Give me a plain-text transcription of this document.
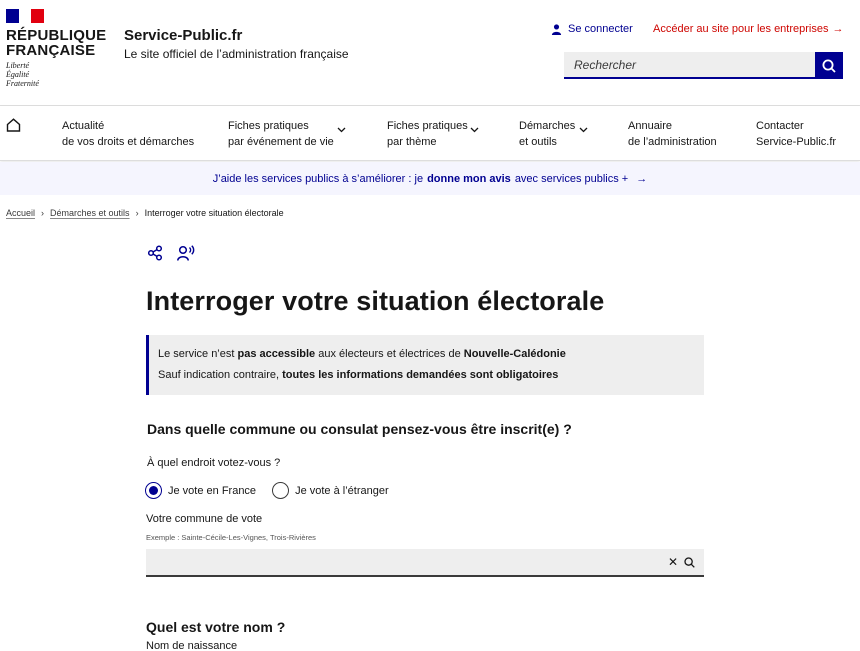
RÉPUBLIQUE
FRANÇAISE
Liberté
Égalité
Fraternité
Service-Public.fr
Le site officiel de l’administration française
Se connecter Accéder au site pour les entreprises →
Rechercher
Actualité
de vos droits et démarches
Fiches pratiques
par événement de vie
Fiches pratiques
par thème
Démarches
et outils
Annuaire
de l’administration
Contacter
Service-Public.fr
J’aide les services publics à s’améliorer : je donne mon avis avec services publics + →
Accueil › Démarches et outils › Interroger votre situation électorale
Interroger votre situation électorale
Le service n’est pas accessible aux électeurs et électrices de Nouvelle-Calédonie
Sauf indication contraire, toutes les informations demandées sont obligatoires
Dans quelle commune ou consulat pensez-vous être inscrit(e) ?
À quel endroit votez-vous ?
Je vote en France	Je vote à l’étranger
Votre commune de vote
Exemple : Sainte-Cécile-Les-Vignes, Trois-Rivières
✕
Quel est votre nom ?
Nom de naissance
